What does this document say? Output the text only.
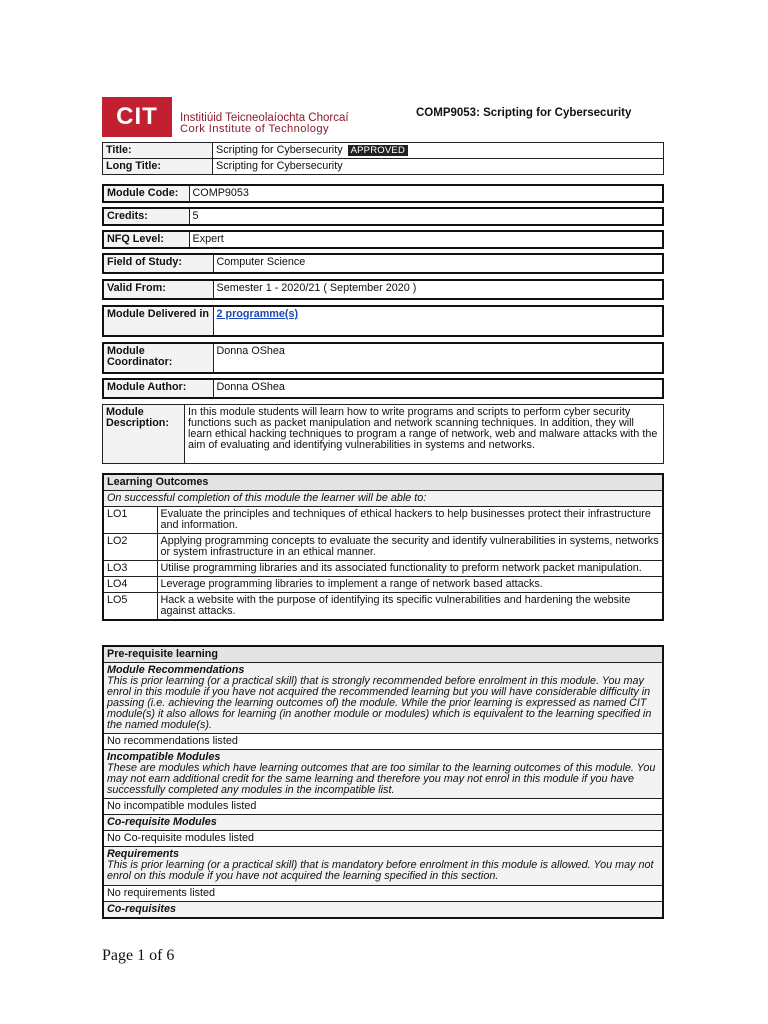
CIT	Institiúid Teicneolaíochta Chorcaí
Cork Institute of Technology
COMP9053: Scripting for Cybersecurity
Title:	Scripting for Cybersecurity APPROVED
Long Title:	Scripting for Cybersecurity
Module Code:	COMP9053
Credits:	5
NFQ Level:	Expert
Field of Study:	Computer Science
Valid From:	Semester 1 - 2020/21 ( September 2020 )
Module Delivered in	2 programme(s)
Module Coordinator:	Donna OShea
Module Author:	Donna OShea
Module Description:	In this module students will learn how to write programs and scripts to perform cyber security functions such as packet manipulation and network scanning techniques. In addition, they will learn ethical hacking techniques to program a range of network, web and malware attacks with the aim of evaluating and identifying vulnerabilities in systems and networks.
Learning Outcomes	
On successful completion of this module the learner will be able to:	
LO1	Evaluate the principles and techniques of ethical hackers to help businesses protect their infrastructure and information.
LO2	Applying programming concepts to evaluate the security and identify vulnerabilities in systems, networks or system infrastructure in an ethical manner.
LO3	Utilise programming libraries and its associated functionality to preform network packet manipulation.
LO4	Leverage programming libraries to implement a range of network based attacks.
LO5	Hack a website with the purpose of identifying its specific vulnerabilities and hardening the website against attacks.
Pre-requisite learning

Module Recommendations
This is prior learning (or a practical skill) that is strongly recommended before enrolment in this module. You may enrol in this module if you have not acquired the recommended learning but you will have considerable difficulty in passing (i.e. achieving the learning outcomes of) the module. While the prior learning is expressed as named CIT module(s) it also allows for learning (in another module or modules) which is equivalent to the learning specified in the named module(s).

No recommendations listed

Incompatible Modules
These are modules which have learning outcomes that are too similar to the learning outcomes of this module. You may not earn additional credit for the same learning and therefore you may not enrol in this module if you have successfully completed any modules in the incompatible list.

No incompatible modules listed
Co-requisite Modules
No Co-requisite modules listed

Requirements
This is prior learning (or a practical skill) that is mandatory before enrolment in this module is allowed. You may not enrol on this module if you have not acquired the learning specified in this section.

No requirements listed
Co-requisites
Page 1 of 6
